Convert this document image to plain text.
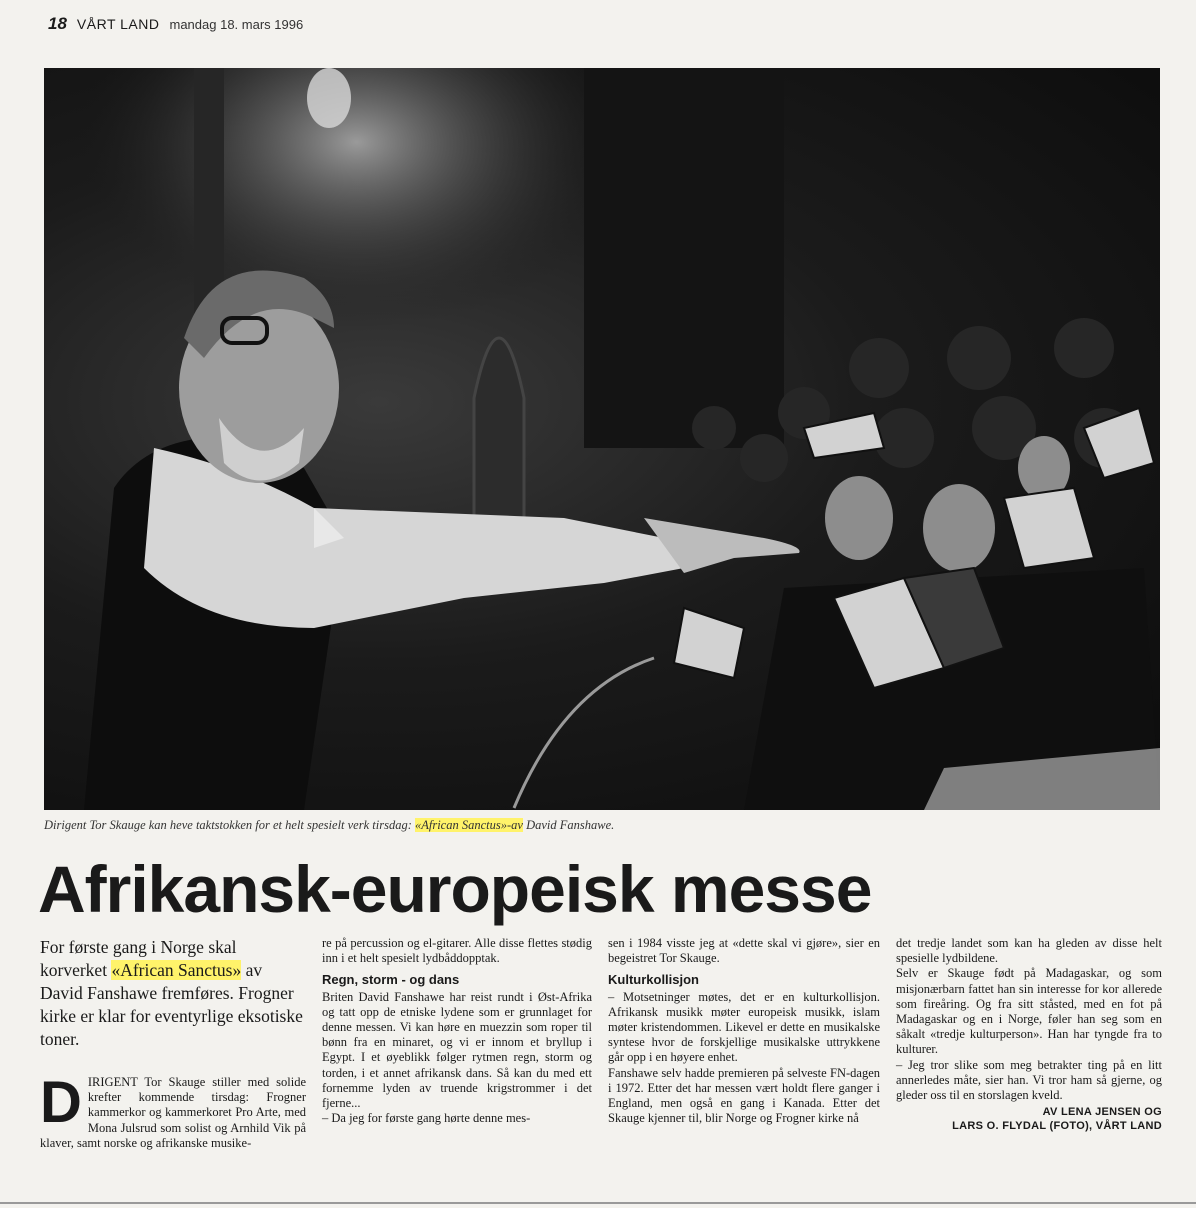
18 VÅRT LAND mandag 18. mars 1996
Dirigent Tor Skauge kan heve taktstokken for et helt spesielt verk tirsdag: «African Sanctus»-av David Fanshawe.
Afrikansk-europeisk messe
For første gang i Norge skal korverket «African Sanctus» av David Fanshawe fremføres. Frogner kirke er klar for eventyrlige eksotiske toner.

DIRIGENT Tor Skauge stiller med solide krefter kommende tirsdag: Frogner kammerkor og kammerkoret Pro Arte, med Mona Julsrud som solist og Arnhild Vik på klaver, samt norske og afrikanske musike-

re på percussion og el-gitarer. Alle disse flettes stødig inn i et helt spesielt lydbåddopptak.

Regn, storm - og dans

Briten David Fanshawe har reist rundt i Øst-Afrika og tatt opp de etniske lydene som er grunnlaget for denne messen. Vi kan høre en muezzin som roper til bønn fra en minaret, og vi er innom et bryllup i Egypt. I et øyeblikk følger rytmen regn, storm og torden, i et annet afrikansk dans. Så kan du med ett fornemme lyden av truende krigstrommer i det fjerne...

– Da jeg for første gang hørte denne mes-

sen i 1984 visste jeg at «dette skal vi gjøre», sier en begeistret Tor Skauge.

Kulturkollisjon

– Motsetninger møtes, det er en kulturkollisjon. Afrikansk musikk møter europeisk musikk, islam møter kristendommen. Likevel er dette en musikalske syntese hvor de forskjellige musikalske uttrykkene går opp i en høyere enhet.

Fanshawe selv hadde premieren på selveste FN-dagen i 1972. Etter det har messen vært holdt flere ganger i England, men også en gang i Kanada. Etter det Skauge kjenner til, blir Norge og Frogner kirke nå

det tredje landet som kan ha gleden av disse helt spesielle lydbildene.

Selv er Skauge født på Madagaskar, og som misjonærbarn fattet han sin interesse for kor allerede som fireåring. Og fra sitt ståsted, med en fot på Madagaskar og en i Norge, føler han seg som en såkalt «tredje kulturperson». Han har tyngde fra to kulturer.

– Jeg tror slike som meg betrakter ting på en litt annerledes måte, sier han. Vi tror ham så gjerne, og gleder oss til en storslagen kveld.

AV LENA JENSEN OG
LARS O. FLYDAL (FOTO), VÅRT LAND
